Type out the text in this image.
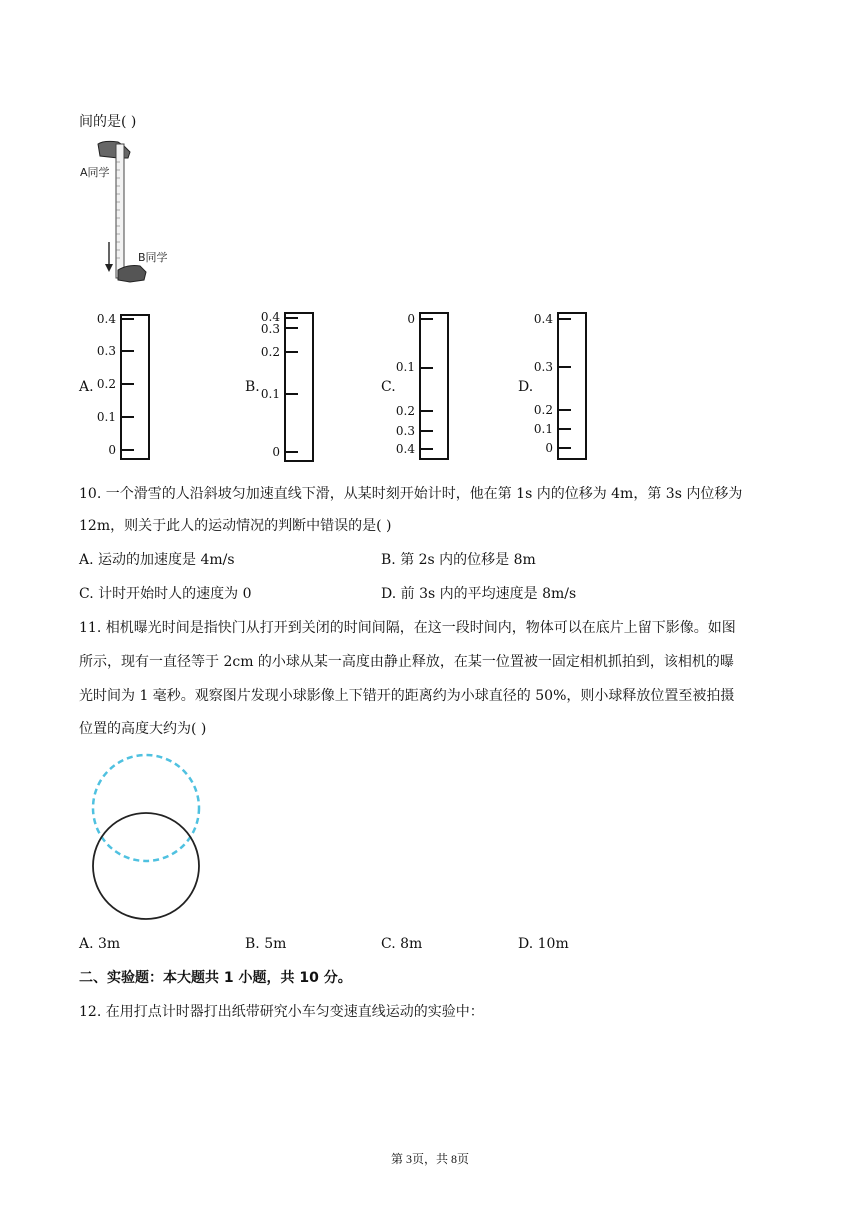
间的是( )
A同学
B同学
A.
0.4
0.3
0.2
0.1
0
B.
0.4
0.3
0.2
0.1
0
C.
0
0.1
0.2
0.3
0.4
D.
0.4
0.3
0.2
0.1
0
10. 一个滑雪的人沿斜坡匀加速直线下滑，从某时刻开始计时，他在第 1s 内的位移为 4m，第 3s 内位移为
12m，则关于此人的运动情况的判断中错误的是( )
A. 运动的加速度是 4m/s	B. 第 2s 内的位移是 8m
C. 计时开始时人的速度为 0	D. 前 3s 内的平均速度是 8m/s
11. 相机曝光时间是指快门从打开到关闭的时间间隔，在这一段时间内，物体可以在底片上留下影像。如图
所示，现有一直径等于 2cm 的小球从某一高度由静止释放，在某一位置被一固定相机抓拍到，该相机的曝
光时间为 1 毫秒。观察图片发现小球影像上下错开的距离约为小球直径的 50%，则小球释放位置至被拍摄
位置的高度大约为( )
A. 3m	B. 5m	C. 8m	D. 10m
二、实验题：本大题共 1 小题，共 10 分。
12. 在用打点计时器打出纸带研究小车匀变速直线运动的实验中：
第 3页，共 8页
